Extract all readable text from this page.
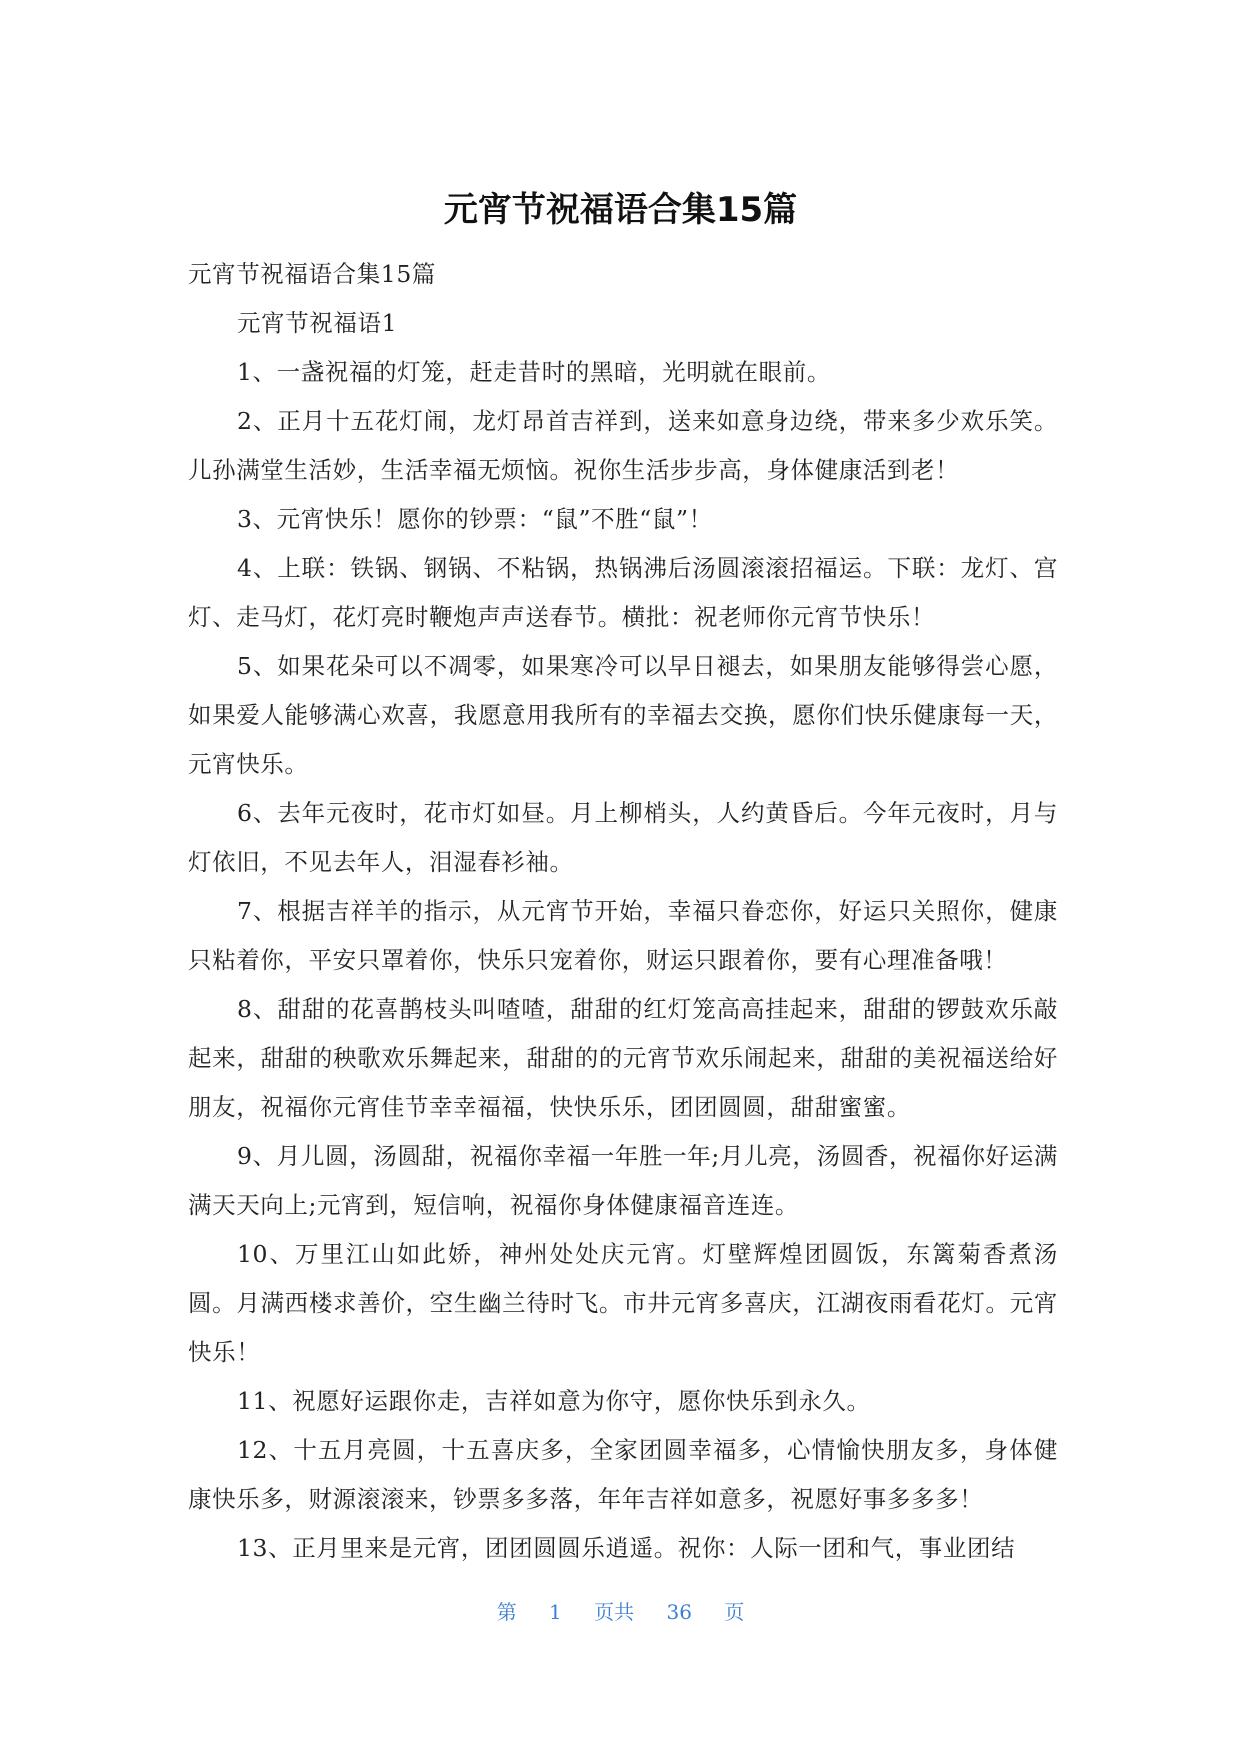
元宵节祝福语合集15篇

元宵节祝福语合集15篇

元宵节祝福语1

1、一盏祝福的灯笼，赶走昔时的黑暗，光明就在眼前。

2、正月十五花灯闹，龙灯昂首吉祥到，送来如意身边绕，带来多少欢乐笑。儿孙满堂生活妙，生活幸福无烦恼。祝你生活步步高，身体健康活到老！

3、元宵快乐！愿你的钞票：“鼠”不胜“鼠”！

4、上联：铁锅、钢锅、不粘锅，热锅沸后汤圆滚滚招福运。下联：龙灯、宫灯、走马灯，花灯亮时鞭炮声声送春节。横批：祝老师你元宵节快乐！

5、如果花朵可以不凋零，如果寒冷可以早日褪去，如果朋友能够得尝心愿，如果爱人能够满心欢喜，我愿意用我所有的幸福去交换，愿你们快乐健康每一天，元宵快乐。

6、去年元夜时，花市灯如昼。月上柳梢头，人约黄昏后。今年元夜时，月与灯依旧，不见去年人，泪湿春衫袖。

7、根据吉祥羊的指示，从元宵节开始，幸福只眷恋你，好运只关照你，健康只粘着你，平安只罩着你，快乐只宠着你，财运只跟着你，要有心理准备哦！

8、甜甜的花喜鹊枝头叫喳喳，甜甜的红灯笼高高挂起来，甜甜的锣鼓欢乐敲起来，甜甜的秧歌欢乐舞起来，甜甜的的元宵节欢乐闹起来，甜甜的美祝福送给好朋友，祝福你元宵佳节幸幸福福，快快乐乐，团团圆圆，甜甜蜜蜜。

9、月儿圆，汤圆甜，祝福你幸福一年胜一年;月儿亮，汤圆香，祝福你好运满满天天向上;元宵到，短信响，祝福你身体健康福音连连。

10、万里江山如此娇，神州处处庆元宵。灯壁辉煌团圆饭，东篱菊香煮汤圆。月满西楼求善价，空生幽兰待时飞。市井元宵多喜庆，江湖夜雨看花灯。元宵快乐！

11、祝愿好运跟你走，吉祥如意为你守，愿你快乐到永久。

12、十五月亮圆，十五喜庆多，全家团圆幸福多，心情愉快朋友多，身体健康快乐多，财源滚滚来，钞票多多落，年年吉祥如意多，祝愿好事多多多！

13、正月里来是元宵，团团圆圆乐逍遥。祝你：人际一团和气，事业团结

第 1 页共 36 页
